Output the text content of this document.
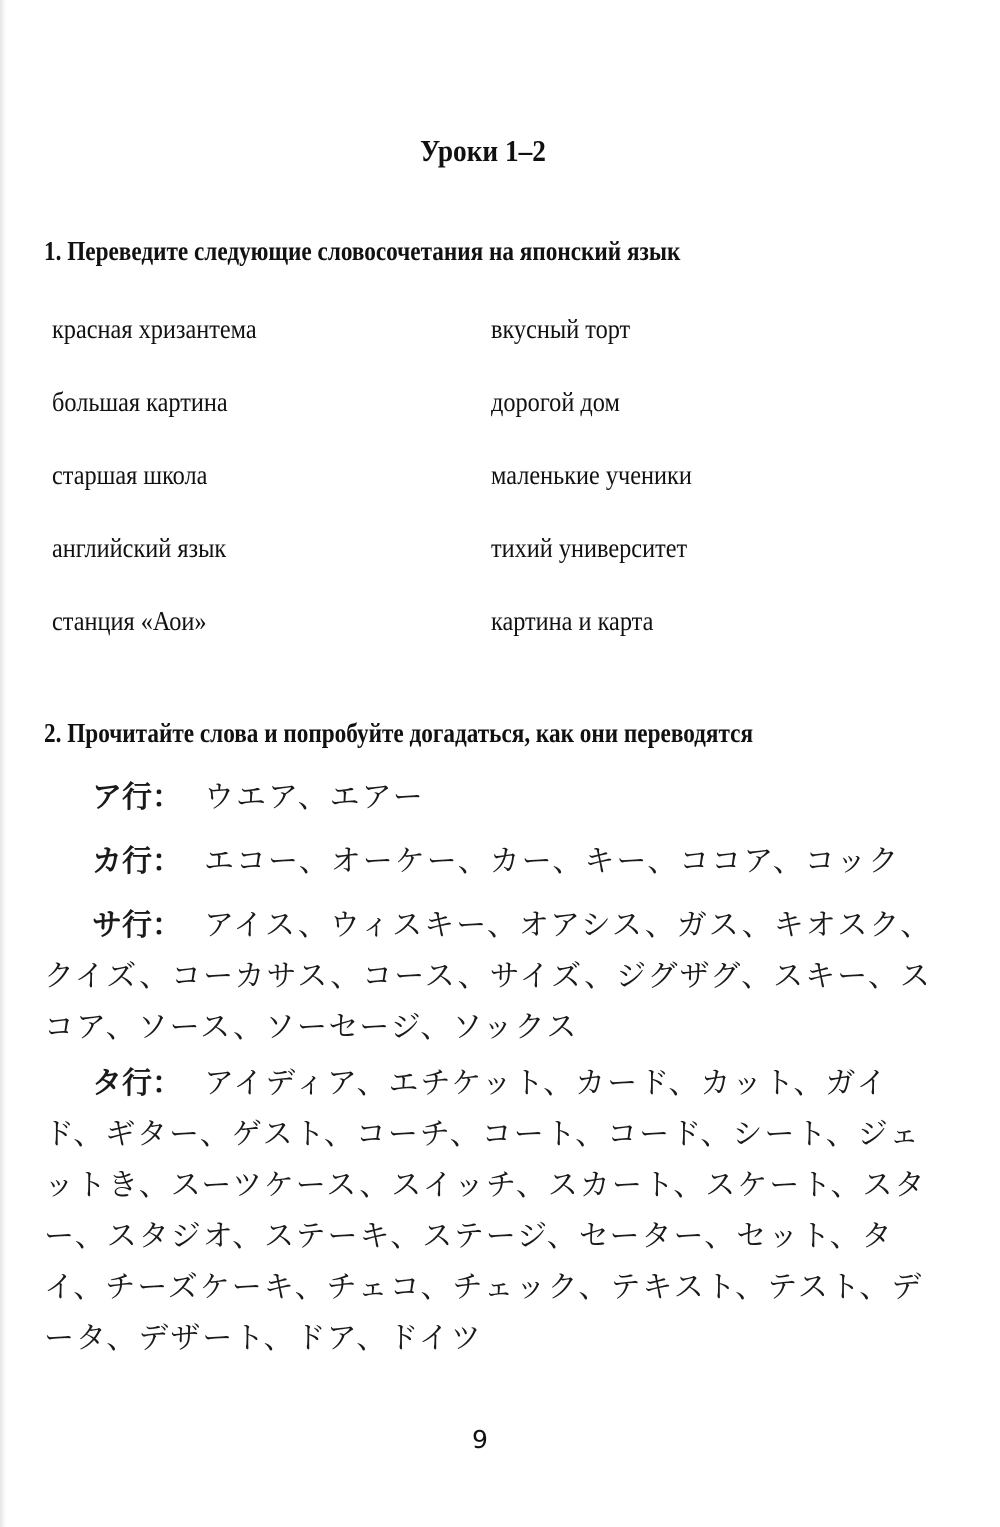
Уроки 1–2
1. Переведите следующие словосочетания на японский язык
красная хризантема
большая картина
старшая школа
английский язык
станция «Аои»
вкусный торт
дорогой дом
маленькие ученики
тихий университет
картина и карта
2. Прочитайте слова и попробуйте догадаться, как они переводятся

ア行： ウエア、エアー

カ行： エコー、オーケー、カー、キー、ココア、コック

サ行： アイス、ウィスキー、オアシス、ガス、キオスク、クイズ、コーカサス、コース、サイズ、ジグザグ、スキー、スコア、ソース、ソーセージ、ソックス

タ行： アイディア、エチケット、カード、カット、ガイド、ギター、ゲスト、コーチ、コート、コード、シート、ジェットき、スーツケース、スイッチ、スカート、スケート、スター、スタジオ、ステーキ、ステージ、セーター、セット、タイ、チーズケーキ、チェコ、チェック、テキスト、テスト、データ、デザート、ドア、ドイツ

9
